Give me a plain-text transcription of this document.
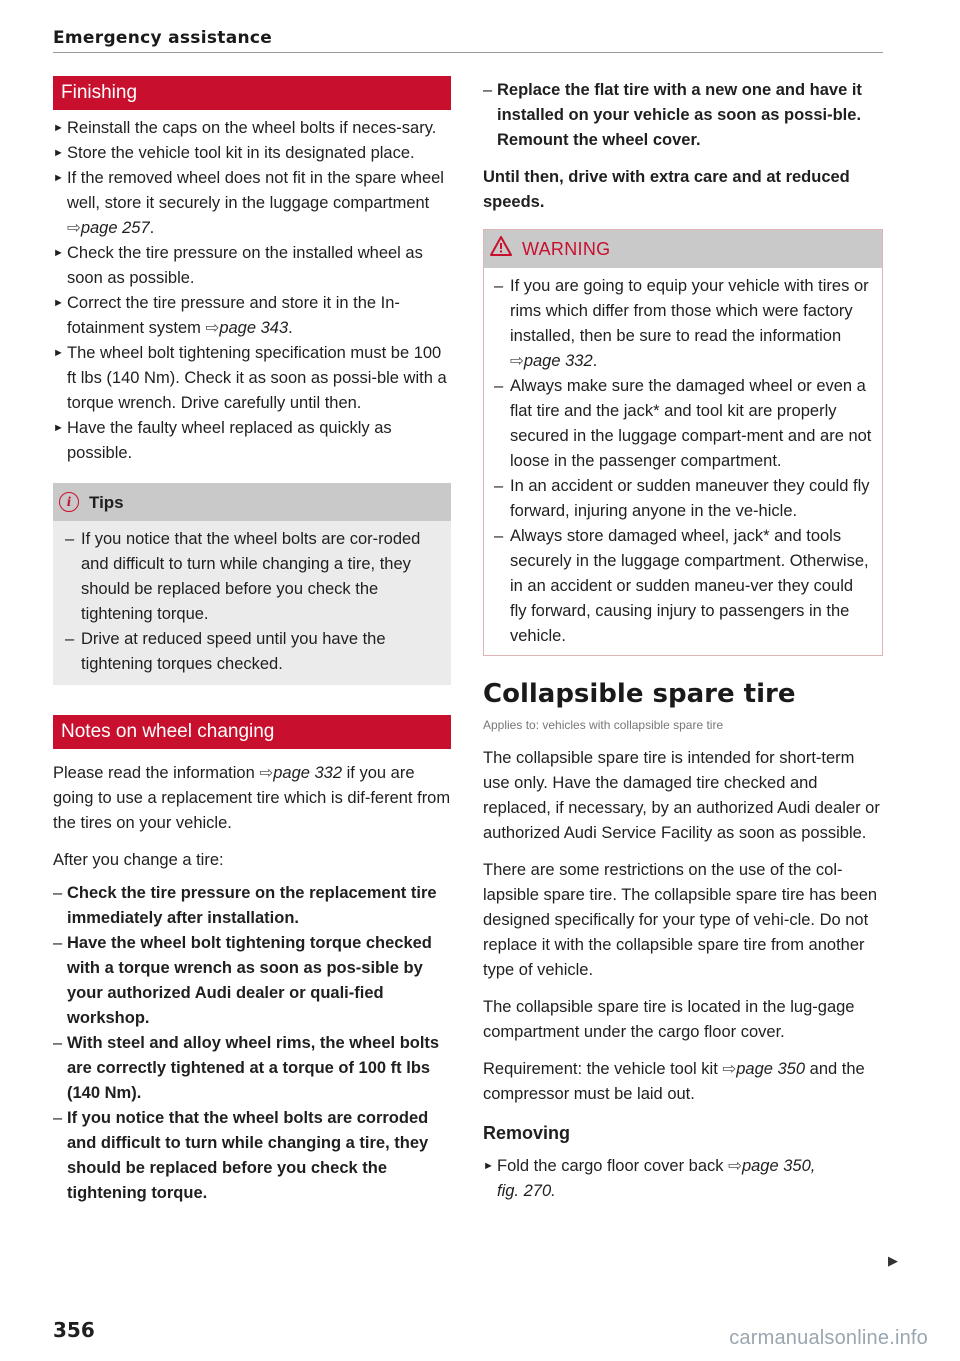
Emergency assistance
Finishing
► Reinstall the caps on the wheel bolts if neces-sary.
► Store the vehicle tool kit in its designated place.
► If the removed wheel does not fit in the spare wheel well, store it securely in the luggage compartment ⇨page 257.
► Check the tire pressure on the installed wheel as soon as possible.
► Correct the tire pressure and store it in the In-fotainment system ⇨page 343.
► The wheel bolt tightening specification must be 100 ft lbs (140 Nm). Check it as soon as possi-ble with a torque wrench. Drive carefully until then.
► Have the faulty wheel replaced as quickly as possible.
i	Tips
– If you notice that the wheel bolts are cor-roded and difficult to turn while changing a tire, they should be replaced before you check the tightening torque.
– Drive at reduced speed until you have the tightening torques checked.
Notes on wheel changing

Please read the information ⇨page 332 if you are going to use a replacement tire which is dif-ferent from the tires on your vehicle.

After you change a tire:

– Check the tire pressure on the replacement tire immediately after installation.
– Have the wheel bolt tightening torque checked with a torque wrench as soon as pos-sible by your authorized Audi dealer or quali-fied workshop.
– With steel and alloy wheel rims, the wheel bolts are correctly tightened at a torque of 100 ft lbs (140 Nm).
– If you notice that the wheel bolts are corroded and difficult to turn while changing a tire, they should be replaced before you check the tightening torque.
– Replace the flat tire with a new one and have it installed on your vehicle as soon as possi-ble. Remount the wheel cover.

Until then, drive with extra care and at reduced speeds.

WARNING
– If you are going to equip your vehicle with tires or rims which differ from those which were factory installed, then be sure to read the information ⇨page 332.
– Always make sure the damaged wheel or even a flat tire and the jack* and tool kit are properly secured in the luggage compart-ment and are not loose in the passenger compartment.
– In an accident or sudden maneuver they could fly forward, injuring anyone in the ve-hicle.
– Always store damaged wheel, jack* and tools securely in the luggage compartment. Otherwise, in an accident or sudden maneu-ver they could fly forward, causing injury to passengers in the vehicle.
Collapsible spare tire
Applies to: vehicles with collapsible spare tire

The collapsible spare tire is intended for short-term use only. Have the damaged tire checked and replaced, if necessary, by an authorized Audi dealer or authorized Audi Service Facility as soon as possible.

There are some restrictions on the use of the col-lapsible spare tire. The collapsible spare tire has been designed specifically for your type of vehi-cle. Do not replace it with the collapsible spare tire from another type of vehicle.

The collapsible spare tire is located in the lug-gage compartment under the cargo floor cover.

Requirement: the vehicle tool kit ⇨page 350 and the compressor must be laid out.

Removing
► Fold the cargo floor cover back ⇨page 350,
fig. 270.
▶
356	carmanualsonline.info
